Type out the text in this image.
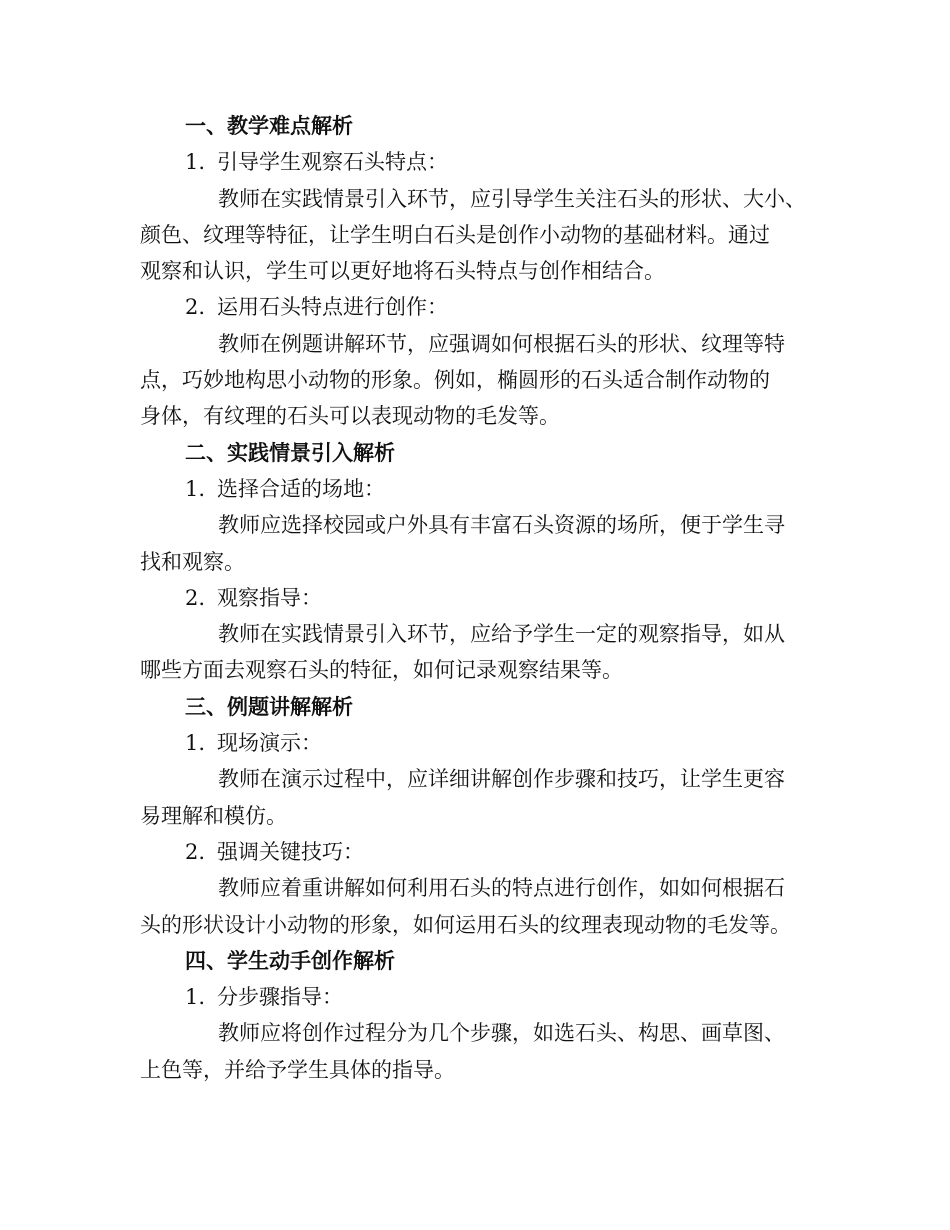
一、教学难点解析
1. 引导学生观察石头特点：
教师在实践情景引入环节，应引导学生关注石头的形状、大小、
颜色、纹理等特征，让学生明白石头是创作小动物的基础材料。通过
观察和认识，学生可以更好地将石头特点与创作相结合。
2. 运用石头特点进行创作：
教师在例题讲解环节，应强调如何根据石头的形状、纹理等特
点，巧妙地构思小动物的形象。例如，椭圆形的石头适合制作动物的
身体，有纹理的石头可以表现动物的毛发等。
二、实践情景引入解析
1. 选择合适的场地：
教师应选择校园或户外具有丰富石头资源的场所，便于学生寻
找和观察。
2. 观察指导：
教师在实践情景引入环节，应给予学生一定的观察指导，如从
哪些方面去观察石头的特征，如何记录观察结果等。
三、例题讲解解析
1. 现场演示：
教师在演示过程中，应详细讲解创作步骤和技巧，让学生更容
易理解和模仿。
2. 强调关键技巧：
教师应着重讲解如何利用石头的特点进行创作，如如何根据石
头的形状设计小动物的形象，如何运用石头的纹理表现动物的毛发等。
四、学生动手创作解析
1. 分步骤指导：
教师应将创作过程分为几个步骤，如选石头、构思、画草图、
上色等，并给予学生具体的指导。
